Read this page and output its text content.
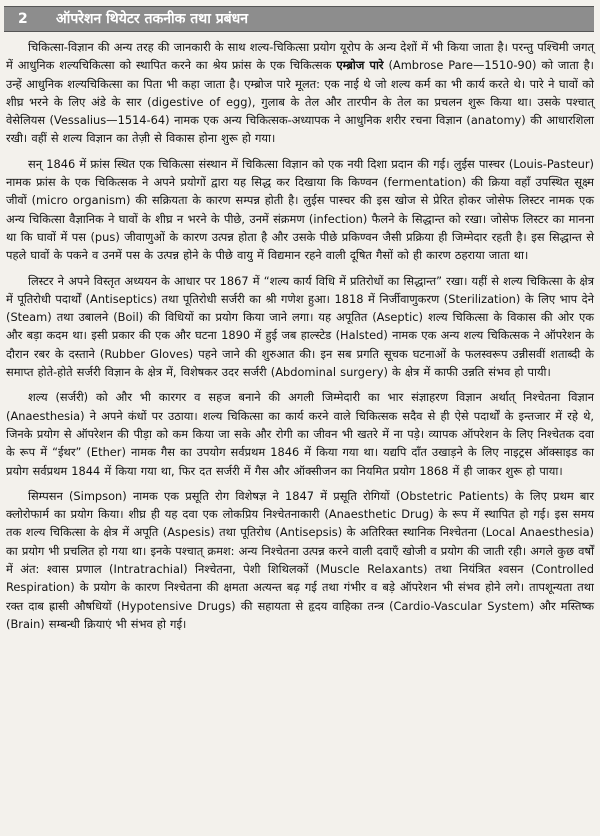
2 ऑपरेशन थियेटर तकनीक तथा प्रबंधन

चिकित्सा-विज्ञान की अन्य तरह की जानकारी के साथ शल्य-चिकित्सा प्रयोग यूरोप के अन्य देशों में भी किया जाता है। परन्तु पश्चिमी जगत् में आधुनिक शल्यचिकित्सा को स्थापित करने का श्रेय फ्रांस के एक चिकित्सक एम्ब्रोज पारे (Ambrose Pare—1510-90) को जाता है। उन्हें आधुनिक शल्यचिकित्सा का पिता भी कहा जाता है। एम्ब्रोज पारे मूलत: एक नाई थे जो शल्य कर्म का भी कार्य करते थे। पारे ने घावों को शीघ्र भरने के लिए अंडे के सार (digestive of egg), गुलाब के तेल और तारपीन के तेल का प्रचलन शुरू किया था। उसके पश्चात् वेसेलियस (Vessalius—1514-64) नामक एक अन्य चिकित्सक-अध्यापक ने आधुनिक शरीर रचना विज्ञान (anatomy) की आधारशिला रखी। वहीं से शल्य विज्ञान का तेज़ी से विकास होना शुरू हो गया।

सन् 1846 में फ्रांस स्थित एक चिकित्सा संस्थान में चिकित्सा विज्ञान को एक नयी दिशा प्रदान की गई। लुईस पास्चर (Louis-Pasteur) नामक फ्रांस के एक चिकित्सक ने अपने प्रयोगों द्वारा यह सिद्ध कर दिखाया कि किण्वन (fermentation) की क्रिया वहाँ उपस्थित सूक्ष्म जीवों (micro organism) की सक्रियता के कारण सम्पन्न होती है। लुईस पास्चर की इस खोज से प्रेरित होकर जोसेफ लिस्टर नामक एक अन्य चिकित्सा वैज्ञानिक ने घावों के शीघ्र न भरने के पीछे, उनमें संक्रमण (infection) फैलने के सिद्धान्त को रखा। जोसेफ लिस्टर का मानना था कि घावों में पस (pus) जीवाणुओं के कारण उत्पन्न होता है और उसके पीछे प्रकिण्वन जैसी प्रक्रिया ही जिम्मेदार रहती है। इस सिद्धान्त से पहले घावों के पकने व उनमें पस के उत्पन्न होने के पीछे वायु में विद्यमान रहने वाली दूषित गैसों को ही कारण ठहराया जाता था।

लिस्टर ने अपने विस्तृत अध्ययन के आधार पर 1867 में “शल्य कार्य विधि में प्रतिरोधों का सिद्धान्त” रखा। यहीं से शल्य चिकित्सा के क्षेत्र में पूतिरोधी पदार्थों (Antiseptics) तथा पूतिरोधी सर्जरी का श्री गणेश हुआ। 1818 में निर्जीवाणुकरण (Sterilization) के लिए भाप देने (Steam) तथा उबालने (Boil) की विधियों का प्रयोग किया जाने लगा। यह अपूतित (Aseptic) शल्य चिकित्सा के विकास की ओर एक और बड़ा कदम था। इसी प्रकार की एक और घटना 1890 में हुई जब हाल्स्टेड (Halsted) नामक एक अन्य शल्य चिकित्सक ने ऑपरेशन के दौरान रबर के दस्ताने (Rubber Gloves) पहने जाने की शुरुआत की। इन सब प्रगति सूचक घटनाओं के फलस्वरूप उन्नीसवीं शताब्दी के समाप्त होते-होते सर्जरी विज्ञान के क्षेत्र में, विशेषकर उदर सर्जरी (Abdominal surgery) के क्षेत्र में काफी उन्नति संभव हो पायी।

शल्य (सर्जरी) को और भी कारगर व सहज बनाने की अगली जिम्मेदारी का भार संज्ञाहरण विज्ञान अर्थात् निश्चेतना विज्ञान (Anaesthesia) ने अपने कंधों पर उठाया। शल्य चिकित्सा का कार्य करने वाले चिकित्सक सदैव से ही ऐसे पदार्थों के इन्तजार में रहे थे, जिनके प्रयोग से ऑपरेशन की पीड़ा को कम किया जा सके और रोगी का जीवन भी खतरे में ना पड़े। व्यापक ऑपरेशन के लिए निश्चेतक दवा के रूप में “ईथर” (Ether) नामक गैस का उपयोग सर्वप्रथम 1846 में किया गया था। यद्यपि दाँत उखाड़ने के लिए नाइट्रस ऑक्साइड का प्रयोग सर्वप्रथम 1844 में किया गया था, फिर दत सर्जरी में गैस और ऑक्सीजन का नियमित प्रयोग 1868 में ही जाकर शुरू हो पाया।

सिम्पसन (Simpson) नामक एक प्रसूति रोग विशेषज्ञ ने 1847 में प्रसूति रोगियों (Obstetric Patients) के लिए प्रथम बार क्लोरोफार्म का प्रयोग किया। शीघ्र ही यह दवा एक लोकप्रिय निश्चेतनाकारी (Anaesthetic Drug) के रूप में स्थापित हो गई। इस समय तक शल्य चिकित्सा के क्षेत्र में अपूति (Aspesis) तथा पूतिरोध (Antisepsis) के अतिरिक्त स्थानिक निश्चेतना (Local Anaesthesia) का प्रयोग भी प्रचलित हो गया था। इनके पश्चात् क्रमश: अन्य निश्चेतना उत्पन्न करने वाली दवाएँ खोजी व प्रयोग की जाती रही। अगले कुछ वर्षों में अंत: श्वास प्रणाल (Intratrachial) निश्चेतना, पेशी शिथिलकों (Muscle Relaxants) तथा नियंत्रित श्वसन (Controlled Respiration) के प्रयोग के कारण निश्चेतना की क्षमता अत्यन्त बढ़ गई तथा गंभीर व बड़े ऑपरेशन भी संभव होने लगे। तापशून्यता तथा रक्त दाब ह्रासी औषधियों (Hypotensive Drugs) की सहायता से हृदय वाहिका तन्त्र (Cardio-Vascular System) और मस्तिष्क (Brain) सम्बन्धी क्रियाएं भी संभव हो गई।
